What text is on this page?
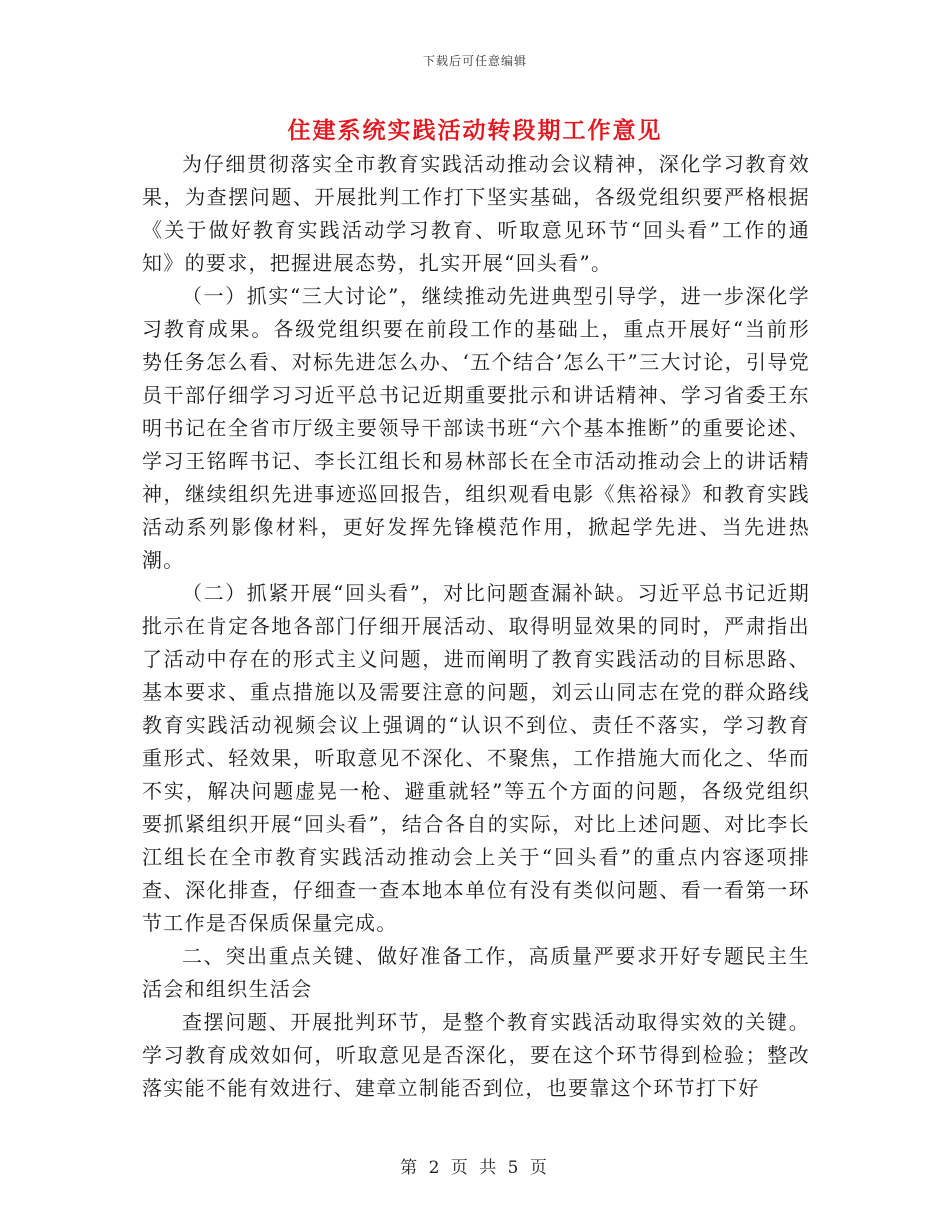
下载后可任意编辑
住建系统实践活动转段期工作意见

为仔细贯彻落实全市教育实践活动推动会议精神，深化学习教育效果，为查摆问题、开展批判工作打下坚实基础，各级党组织要严格根据《关于做好教育实践活动学习教育、听取意见环节“回头看”工作的通知》的要求，把握进展态势，扎实开展“回头看”。

（一）抓实“三大讨论”，继续推动先进典型引导学，进一步深化学习教育成果。各级党组织要在前段工作的基础上，重点开展好“当前形势任务怎么看、对标先进怎么办、‘五个结合’怎么干”三大讨论，引导党员干部仔细学习习近平总书记近期重要批示和讲话精神、学习省委王东明书记在全省市厅级主要领导干部读书班“六个基本推断”的重要论述、学习王铭晖书记、李长江组长和易林部长在全市活动推动会上的讲话精神，继续组织先进事迹巡回报告，组织观看电影《焦裕禄》和教育实践活动系列影像材料，更好发挥先锋模范作用，掀起学先进、当先进热潮。

（二）抓紧开展“回头看”，对比问题查漏补缺。习近平总书记近期批示在肯定各地各部门仔细开展活动、取得明显效果的同时，严肃指出了活动中存在的形式主义问题，进而阐明了教育实践活动的目标思路、基本要求、重点措施以及需要注意的问题，刘云山同志在党的群众路线教育实践活动视频会议上强调的“认识不到位、责任不落实，学习教育重形式、轻效果，听取意见不深化、不聚焦，工作措施大而化之、华而不实，解决问题虚晃一枪、避重就轻”等五个方面的问题，各级党组织要抓紧组织开展“回头看”，结合各自的实际，对比上述问题、对比李长江组长在全市教育实践活动推动会上关于“回头看”的重点内容逐项排查、深化排查，仔细查一查本地本单位有没有类似问题、看一看第一环节工作是否保质保量完成。

二、突出重点关键、做好准备工作，高质量严要求开好专题民主生活会和组织生活会

查摆问题、开展批判环节，是整个教育实践活动取得实效的关键。学习教育成效如何，听取意见是否深化，要在这个环节得到检验；整改落实能不能有效进行、建章立制能否到位，也要靠这个环节打下好

第 2 页 共 5 页
